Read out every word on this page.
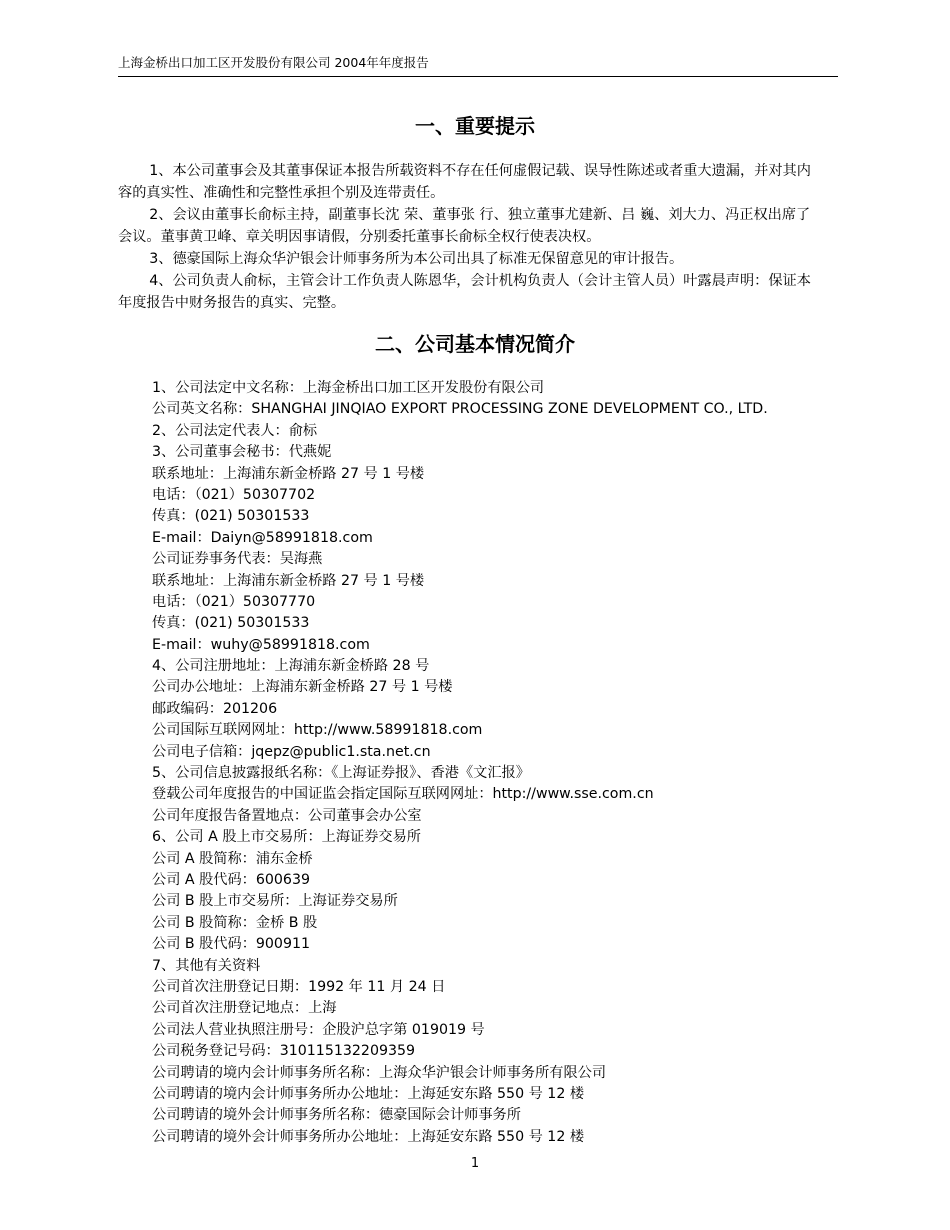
上海金桥出口加工区开发股份有限公司 2004年年度报告
一、重要提示

1、本公司董事会及其董事保证本报告所载资料不存在任何虚假记载、误导性陈述或者重大遗漏，并对其内容的真实性、准确性和完整性承担个别及连带责任。

2、会议由董事长俞标主持，副董事长沈 荣、董事张 行、独立董事尤建新、吕 巍、刘大力、冯正权出席了会议。董事黄卫峰、章关明因事请假，分别委托董事长俞标全权行使表决权。

3、德豪国际上海众华沪银会计师事务所为本公司出具了标准无保留意见的审计报告。

4、公司负责人俞标，主管会计工作负责人陈恩华，会计机构负责人（会计主管人员）叶露晨声明：保证本年度报告中财务报告的真实、完整。

二、公司基本情况简介
1、公司法定中文名称：上海金桥出口加工区开发股份有限公司
公司英文名称：SHANGHAI JINQIAO EXPORT PROCESSING ZONE DEVELOPMENT CO., LTD.
2、公司法定代表人：俞标
3、公司董事会秘书：代燕妮
联系地址：上海浦东新金桥路 27 号 1 号楼
电话：（021）50307702
传真：(021) 50301533
E-mail：Daiyn@58991818.com
公司证券事务代表：吴海燕
联系地址：上海浦东新金桥路 27 号 1 号楼
电话：（021）50307770
传真：(021) 50301533
E-mail：wuhy@58991818.com
4、公司注册地址：上海浦东新金桥路 28 号
公司办公地址：上海浦东新金桥路 27 号 1 号楼
邮政编码：201206
公司国际互联网网址：http://www.58991818.com
公司电子信箱：jqepz@public1.sta.net.cn
5、公司信息披露报纸名称：《上海证券报》、香港《文汇报》
登载公司年度报告的中国证监会指定国际互联网网址：http://www.sse.com.cn
公司年度报告备置地点：公司董事会办公室
6、公司 A 股上市交易所：上海证券交易所
公司 A 股简称：浦东金桥
公司 A 股代码：600639
公司 B 股上市交易所：上海证券交易所
公司 B 股简称：金桥 B 股
公司 B 股代码：900911
7、其他有关资料
公司首次注册登记日期：1992 年 11 月 24 日
公司首次注册登记地点：上海
公司法人营业执照注册号：企股沪总字第 019019 号
公司税务登记号码：310115132209359
公司聘请的境内会计师事务所名称：上海众华沪银会计师事务所有限公司
公司聘请的境内会计师事务所办公地址：上海延安东路 550 号 12 楼
公司聘请的境外会计师事务所名称：德豪国际会计师事务所
公司聘请的境外会计师事务所办公地址：上海延安东路 550 号 12 楼
1
